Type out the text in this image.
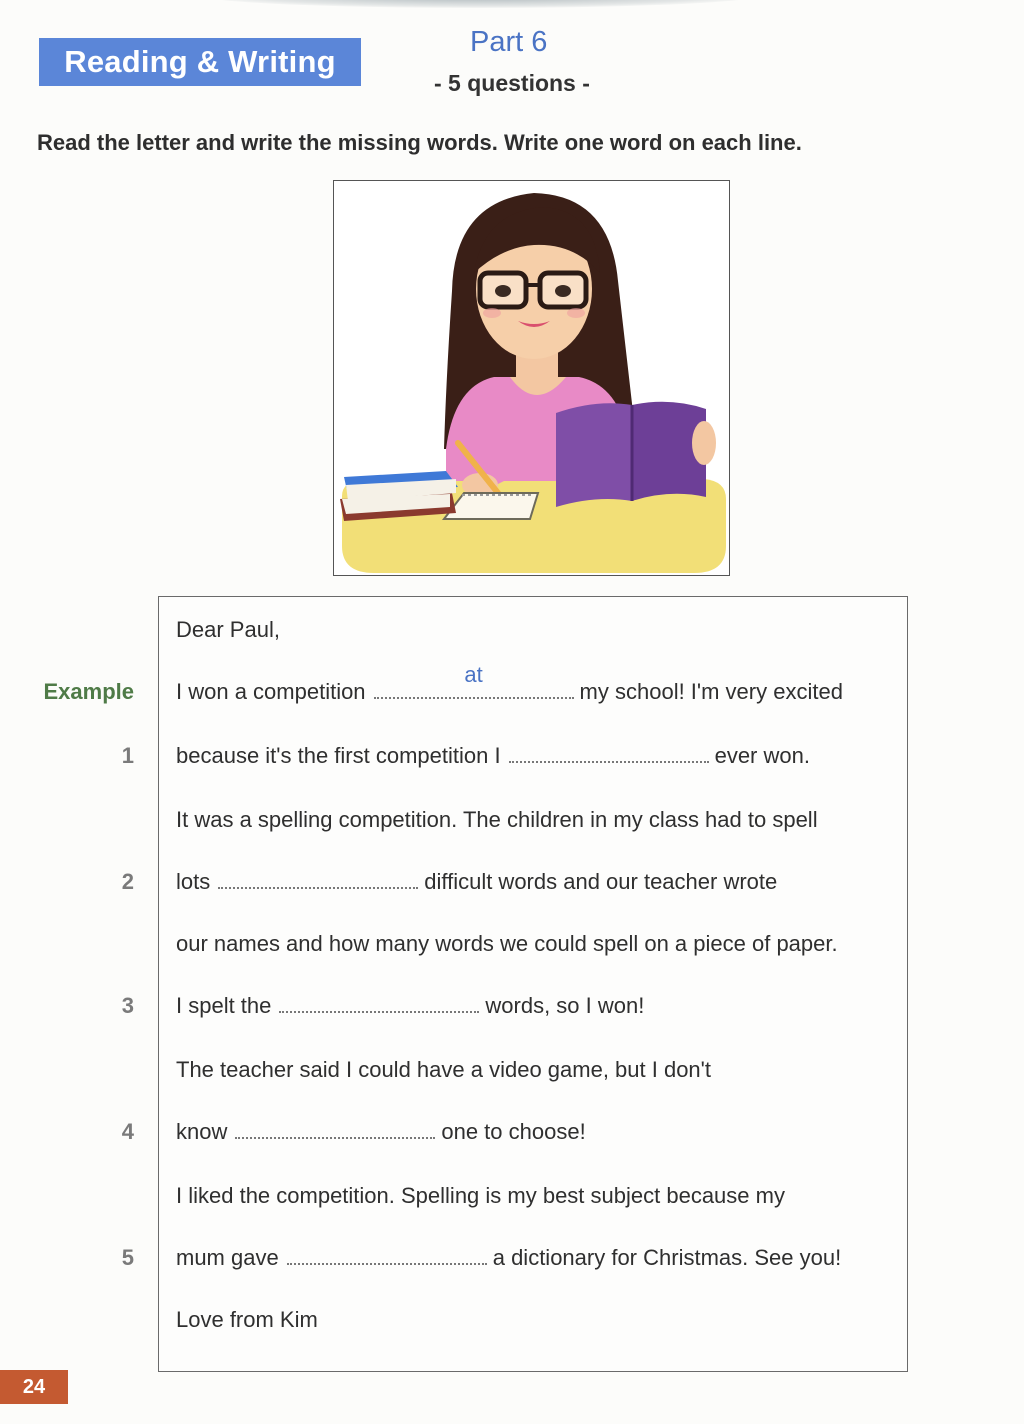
Reading & Writing
Part 6
- 5 questions -
Read the letter and write the missing words. Write one word on each line.
Dear Paul,
Example I won a competition
at
my school! I'm very excited
1 because it's the first competition I	ever won.
It was a spelling competition. The children in my class had to spell
2 lots	difficult words and our teacher wrote
our names and how many words we could spell on a piece of paper.
3 I spelt the	words, so I won!
The teacher said I could have a video game, but I don't
4 know	one to choose!
I liked the competition. Spelling is my best subject because my
5 mum gave	a dictionary for Christmas. See you!
Love from Kim
24
